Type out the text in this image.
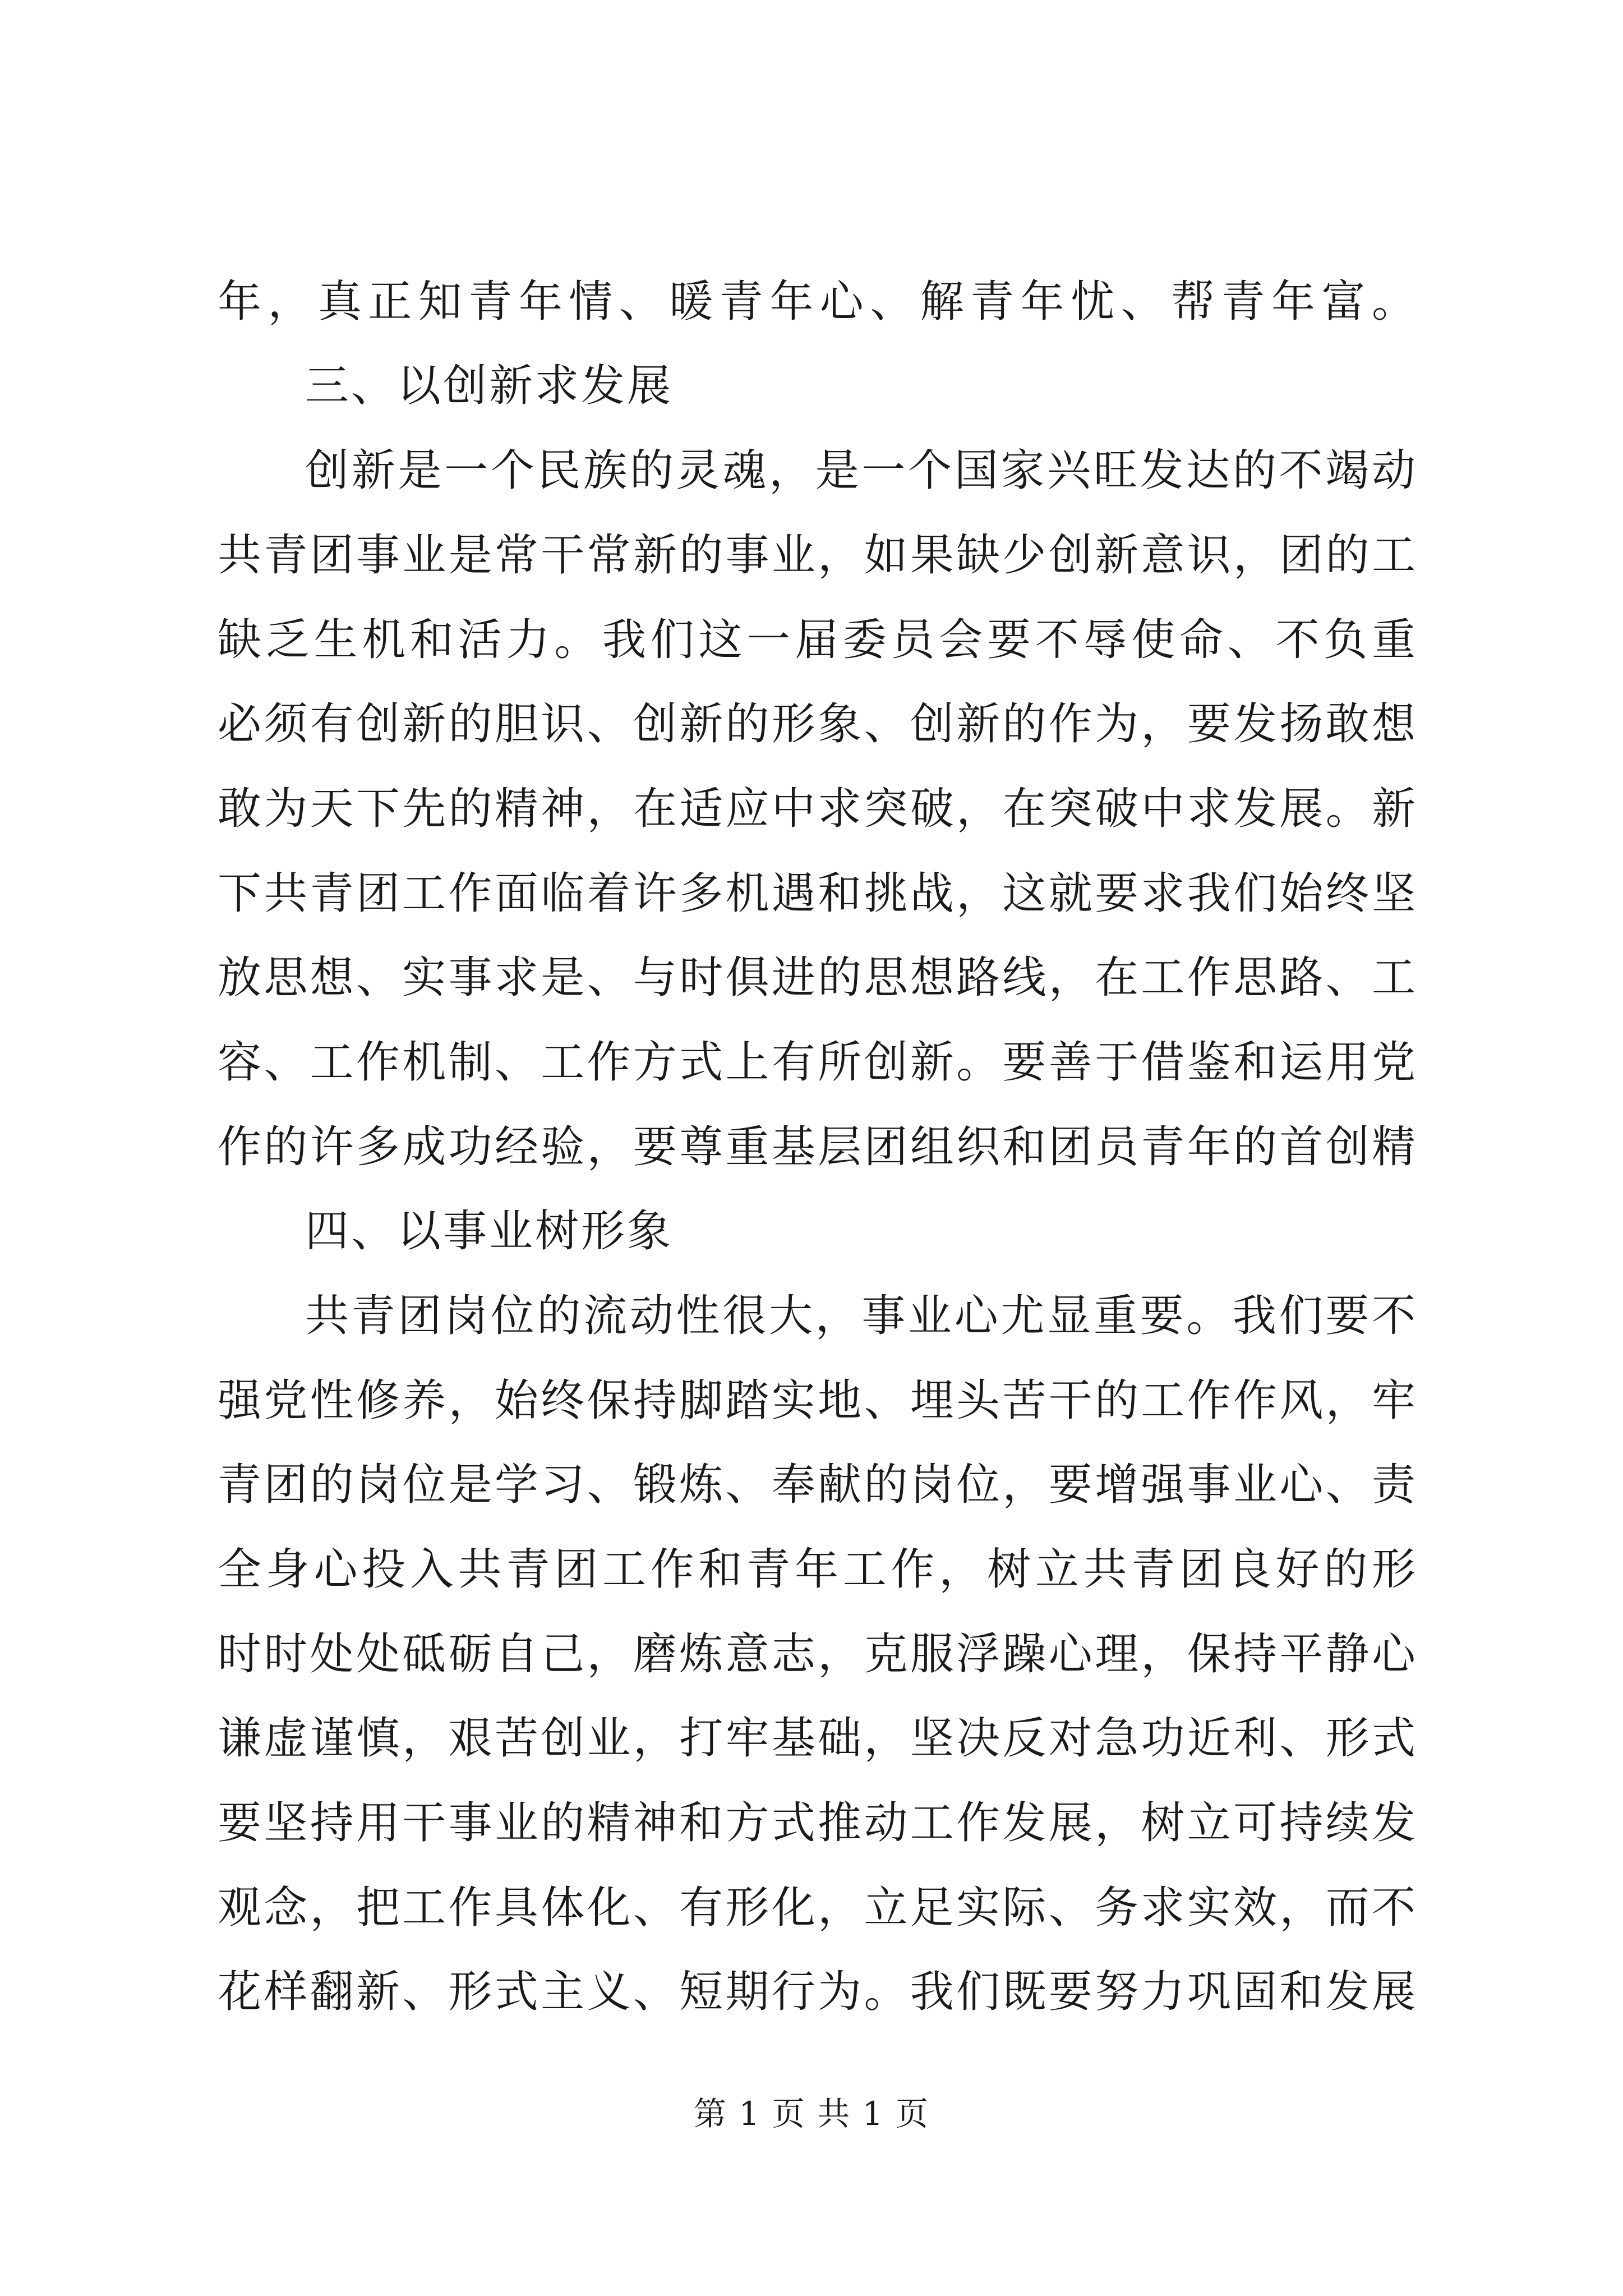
年，真正知青年情、暖青年心、解青年忧、帮青年富。
三、以创新求发展
创新是一个民族的灵魂，是一个国家兴旺发达的不竭动
共青团事业是常干常新的事业，如果缺少创新意识，团的工
缺乏生机和活力。我们这一届委员会要不辱使命、不负重
必须有创新的胆识、创新的形象、创新的作为，要发扬敢想
敢为天下先的精神，在适应中求突破，在突破中求发展。新
下共青团工作面临着许多机遇和挑战，这就要求我们始终坚
放思想、实事求是、与时俱进的思想路线，在工作思路、工
容、工作机制、工作方式上有所创新。要善于借鉴和运用党
作的许多成功经验，要尊重基层团组织和团员青年的首创精
四、以事业树形象
共青团岗位的流动性很大，事业心尤显重要。我们要不
强党性修养，始终保持脚踏实地、埋头苦干的工作作风，牢
青团的岗位是学习、锻炼、奉献的岗位，要增强事业心、责
全身心投入共青团工作和青年工作，树立共青团良好的形
时时处处砥砺自己，磨炼意志，克服浮躁心理，保持平静心
谦虚谨慎，艰苦创业，打牢基础，坚决反对急功近利、形式
要坚持用干事业的精神和方式推动工作发展，树立可持续发
观念，把工作具体化、有形化，立足实际、务求实效，而不
花样翻新、形式主义、短期行为。我们既要努力巩固和发展
第 1 页 共 1 页
